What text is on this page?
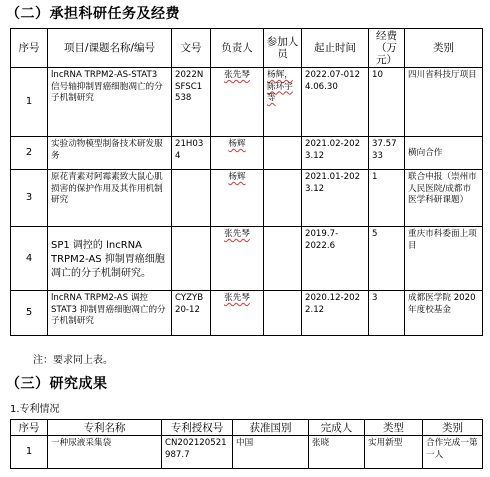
（二）承担科研任务及经费
序号	项目/课题名称/编号	文号	负责人	参加人员	起止时间	经费（万元）	类别
1	lncRNA TRPM2-AS-STAT3 信号轴抑制胃癌细胞凋亡的分子机制研究	2022NSFSC1538	张先琴	杨辉，陈环宇等	2022.07-0124.06.30	10	四川省科技厅项目
2	实验动物模型制备技术研发服务	21H034	杨辉		2021.02-2023.12	37.5733	横向合作
3	原花青素对阿霉素致大鼠心肌损害的保护作用及其作用机制研究		杨辉		2021.01-2023.12	1	联合申报（崇州市人民医院/成都市医学科研课题）
4	SP1 调控的 lncRNA TRPM2-AS 抑制胃癌细胞凋亡的分子机制研究。		张先琴		2019.7-2022.6	5	重庆市科委面上项目
5	lncRNA TRPM2-AS 调控 STAT3 抑制胃癌细胞凋亡的分子机制研究	CYZYB20-12	张先琴		2020.12-2022.12	3	成都医学院 2020 年度校基金
注：要求同上表。
（三）研究成果
1.专利情况
序号	专利名称	专利授权号	获准国别	完成人	类型	类别
1	一种尿液采集袋	CN202120521987.7	中国	张晓	实用新型	合作完成一第一人
